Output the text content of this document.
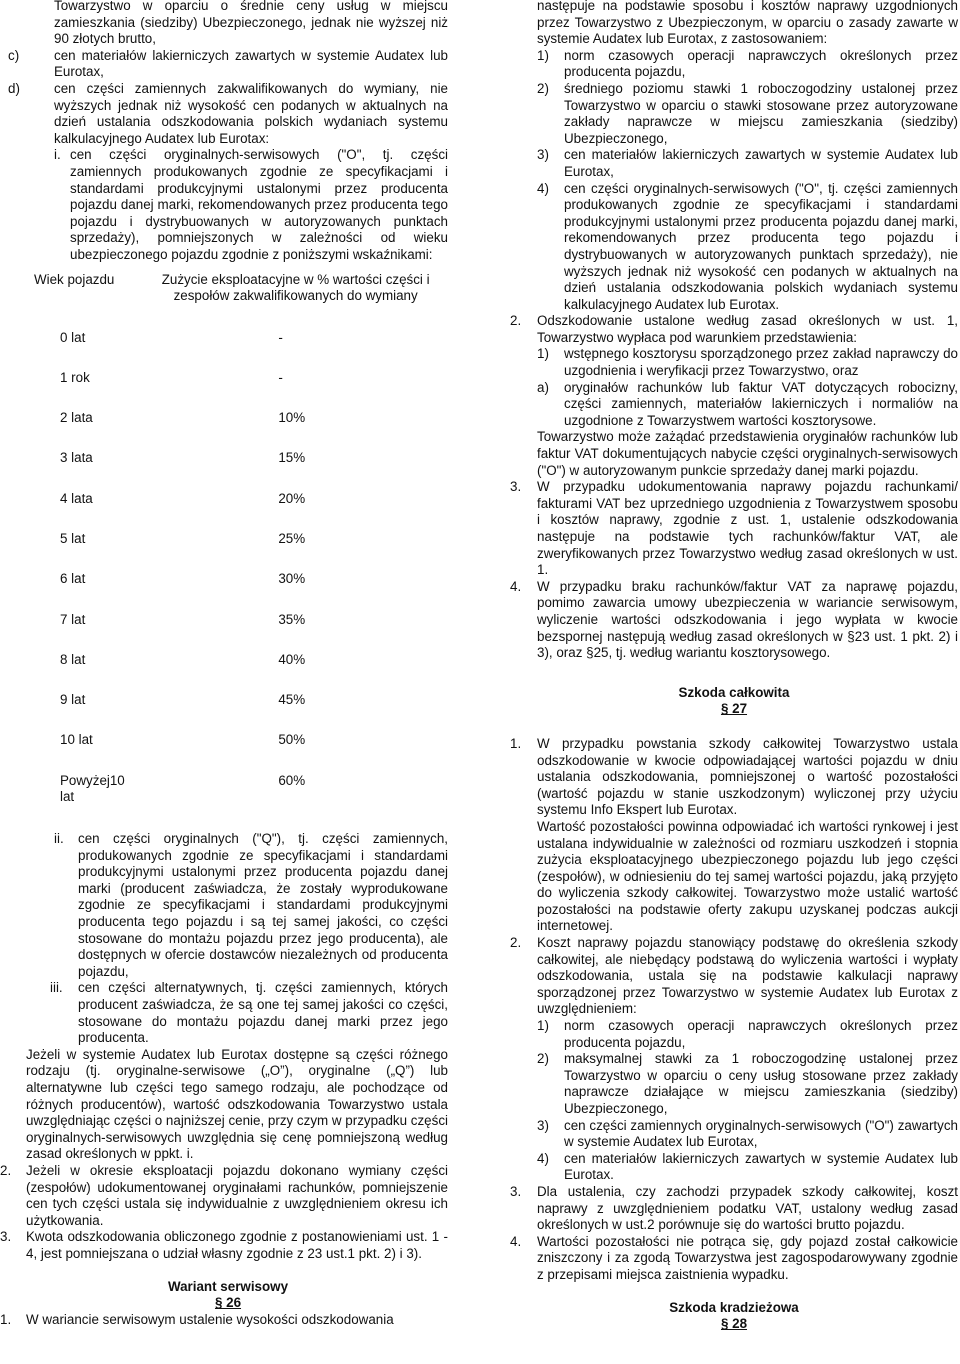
Towarzystwo w oparciu o średnie ceny usług w miejscu zamieszkania (siedziby) Ubezpieczonego, jednak nie wyższej niż 90 złotych brutto,

c)	cen materiałów lakierniczych zawartych w systemie Audatex lub Eurotax,
d)	cen części zamiennych zakwalifikowanych do wymiany, nie wyższych jednak niż wysokość cen podanych w aktualnych na dzień ustalania odszkodowania polskich wydaniach systemu kalkulacyjnego Audatex lub Eurotax:
i. cen części oryginalnych-serwisowych ("O", tj. części zamiennych produkowanych zgodnie ze specyfikacjami i standardami produkcyjnymi ustalonymi przez producenta pojazdu danej marki, rekomendowanych przez producenta tego pojazdu i dystrybuowanych w autoryzowanych punktach sprzedaży), pomniejszonych w zależności od wieku ubezpieczonego pojazdu zgodnie z poniższymi wskaźnikami:
Wiek pojazdu	Zużycie eksploatacyjne w % wartości części i zespołów zakwalifikowanych do wymiany
0 lat	-
1 rok	-
2 lata	10%
3 lata	15%
4 lata	20%
5 lat	25%
6 lat	30%
7 lat	35%
8 lat	40%
9 lat	45%
10 lat	50%
Powyżej10 lat	60%
ii. cen części oryginalnych ("Q"), tj. części zamiennych, produkowanych zgodnie ze specyfikacjami i standardami produkcyjnymi ustalonymi przez producenta pojazdu danej marki (producent zaświadcza, że zostały wyprodukowane zgodnie ze specyfikacjami i standardami produkcyjnymi producenta tego pojazdu i są tej samej jakości, co części stosowane do montażu pojazdu przez jego producenta), ale dostępnych w ofercie dostawców niezależnych od producenta pojazdu,
iii. cen części alternatywnych, tj. części zamiennych, których producent zaświadcza, że są one tej samej jakości co części, stosowane do montażu pojazdu danej marki przez jego producenta.

Jeżeli w systemie Audatex lub Eurotax dostępne są części różnego rodzaju (tj. oryginalne-serwisowe („O”), oryginalne („Q”) lub alternatywne lub części tego samego rodzaju, ale pochodzące od różnych producentów), wartość odszkodowania Towarzystwo ustala uwzględniając części o najniższej cenie, przy czym w przypadku części oryginalnych-serwisowych uwzględnia się cenę pomniejszoną według zasad określonych w ppkt. i.

2. Jeżeli w okresie eksploatacji pojazdu dokonano wymiany części (zespołów) udokumentowanej oryginałami rachunków, pomniejszenie cen tych części ustala się indywidualnie z uwzględnieniem okresu ich użytkowania.
3. Kwota odszkodowania obliczonego zgodnie z postanowieniami ust. 1 - 4, jest pomniejszana o udział własny zgodnie z 23 ust.1 pkt. 2) i 3).
Wariant serwisowy
§ 26
1. W wariancie serwisowym ustalenie wysokości odszkodowania

następuje na podstawie sposobu i kosztów naprawy uzgodnionych przez Towarzystwo z Ubezpieczonym, w oparciu o zasady zawarte w systemie Audatex lub Eurotax, z zastosowaniem:

1) norm czasowych operacji naprawczych określonych przez producenta pojazdu,
2) średniego poziomu stawki 1 roboczogodziny ustalonej przez Towarzystwo w oparciu o stawki stosowane przez autoryzowane zakłady naprawcze w miejscu zamieszkania (siedziby) Ubezpieczonego,
3) cen materiałów lakierniczych zawartych w systemie Audatex lub Eurotax,
4) cen części oryginalnych-serwisowych ("O", tj. części zamiennych produkowanych zgodnie ze specyfikacjami i standardami produkcyjnymi ustalonymi przez producenta pojazdu danej marki, rekomendowanych przez producenta tego pojazdu i dystrybuowanych w autoryzowanych punktach sprzedaży), nie wyższych jednak niż wysokość cen podanych w aktualnych na dzień ustalania odszkodowania polskich wydaniach systemu kalkulacyjnego Audatex lub Eurotax.
2. Odszkodowanie ustalone według zasad określonych w ust. 1, Towarzystwo wypłaca pod warunkiem przedstawienia:
1) wstępnego kosztorysu sporządzonego przez zakład naprawczy do uzgodnienia i weryfikacji przez Towarzystwo, oraz
a) oryginałów rachunków lub faktur VAT dotyczących robocizny, części zamiennych, materiałów lakierniczych i normaliów na uzgodnione z Towarzystwem wartości kosztorysowe.

Towarzystwo może zażądać przedstawienia oryginałów rachunków lub faktur VAT dokumentujących nabycie części oryginalnych-serwisowych ("O") w autoryzowanym punkcie sprzedaży danej marki pojazdu.

3. W przypadku udokumentowania naprawy pojazdu rachunkami/ fakturami VAT bez uprzedniego uzgodnienia z Towarzystwem sposobu i kosztów naprawy, zgodnie z ust. 1, ustalenie odszkodowania następuje na podstawie tych rachunków/faktur VAT, ale zweryfikowanych przez Towarzystwo według zasad określonych w ust. 1.
4. W przypadku braku rachunków/faktur VAT za naprawę pojazdu, pomimo zawarcia umowy ubezpieczenia w wariancie serwisowym, wyliczenie wartości odszkodowania i jego wypłata w kwocie bezspornej następują według zasad określonych w §23 ust. 1 pkt. 2) i 3), oraz §25, tj. według wariantu kosztorysowego.
Szkoda całkowita
§ 27
1. W przypadku powstania szkody całkowitej Towarzystwo ustala odszkodowanie w kwocie odpowiadającej wartości pojazdu w dniu ustalania odszkodowania, pomniejszonej o wartość pozostałości (wartość pojazdu w stanie uszkodzonym) wyliczonej przy użyciu systemu Info Ekspert lub Eurotax.

Wartość pozostałości powinna odpowiadać ich wartości rynkowej i jest ustalana indywidualnie w zależności od rozmiaru uszkodzeń i stopnia zużycia eksploatacyjnego ubezpieczonego pojazdu lub jego części (zespołów), w odniesieniu do tej samej wartości pojazdu, jaką przyjęto do wyliczenia szkody całkowitej. Towarzystwo może ustalić wartość pozostałości na podstawie oferty zakupu uzyskanej podczas aukcji internetowej.

2. Koszt naprawy pojazdu stanowiący podstawę do określenia szkody całkowitej, ale niebędący podstawą do wyliczenia wartości i wypłaty odszkodowania, ustala się na podstawie kalkulacji naprawy sporządzonej przez Towarzystwo w systemie Audatex lub Eurotax z uwzględnieniem:
1) norm czasowych operacji naprawczych określonych przez producenta pojazdu,
2) maksymalnej stawki za 1 roboczogodzinę ustalonej przez Towarzystwo w oparciu o ceny usług stosowane przez zakłady naprawcze działające w miejscu zamieszkania (siedziby) Ubezpieczonego,
3) cen części zamiennych oryginalnych-serwisowych ("O") zawartych w systemie Audatex lub Eurotax,
4) cen materiałów lakierniczych zawartych w systemie Audatex lub Eurotax.
3. Dla ustalenia, czy zachodzi przypadek szkody całkowitej, koszt naprawy z uwzględnieniem podatku VAT, ustalony według zasad określonych w ust.2 porównuje się do wartości brutto pojazdu.
4. Wartości pozostałości nie potrąca się, gdy pojazd został całkowicie zniszczony i za zgodą Towarzystwa jest zagospodarowywany zgodnie z przepisami miejsca zaistnienia wypadku.
Szkoda kradzieżowa
§ 28
